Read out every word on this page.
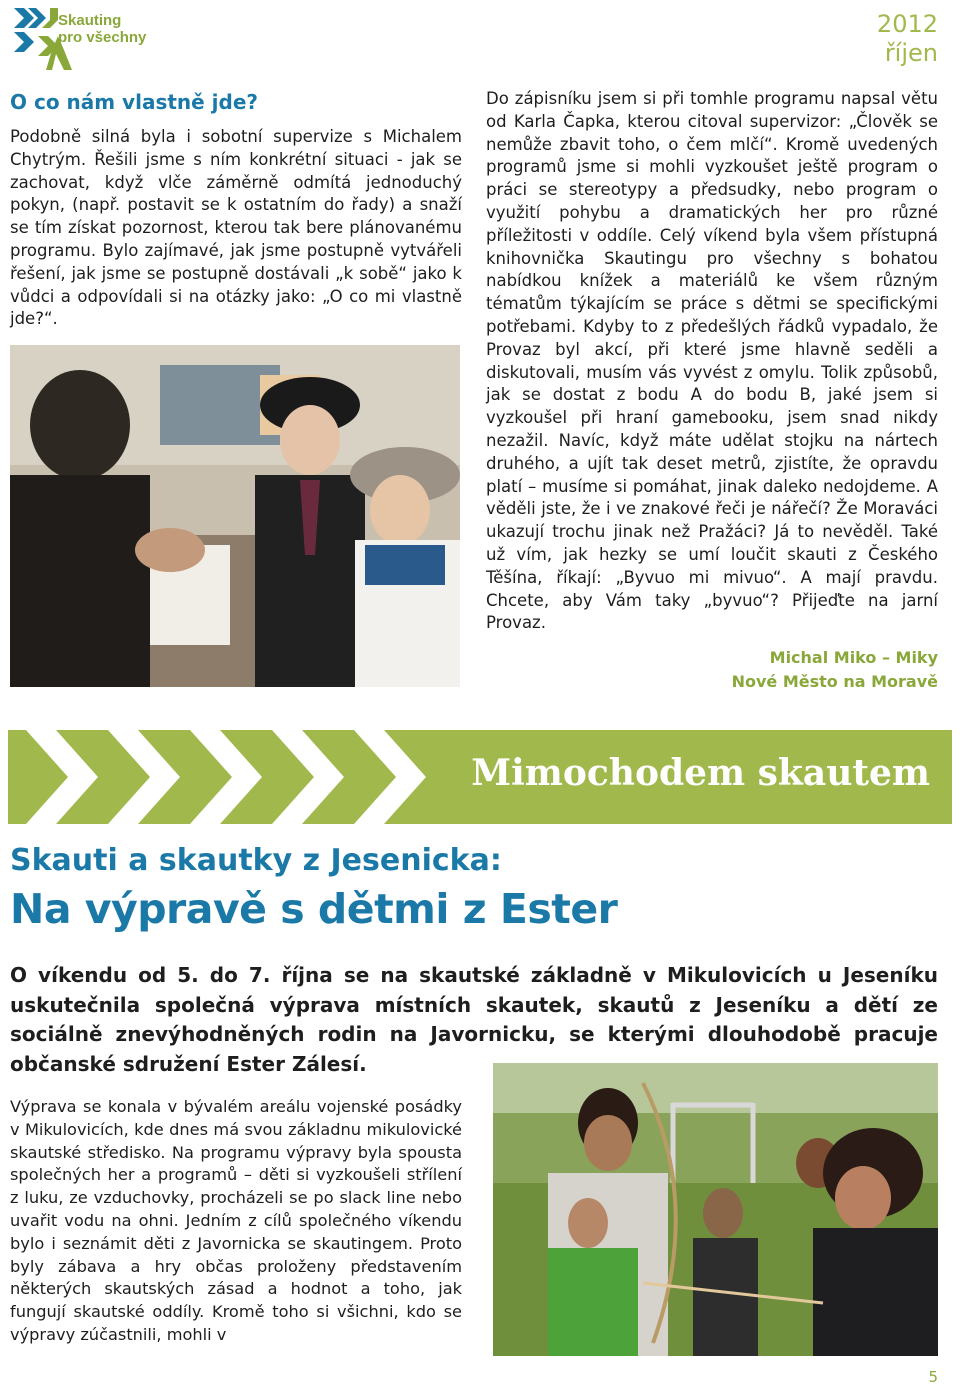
Skauting
pro všechny	2012
říjen
O co nám vlastně jde?

Podobně silná byla i sobotní supervize s Michalem Chytrým. Řešili jsme s ním konkrétní situaci - jak se zachovat, když vlče záměrně odmítá jednoduchý pokyn, (např. postavit se k ostatním do řady) a snaží se tím získat pozornost, kterou tak bere plánovanému programu. Bylo zajímavé, jak jsme postupně vytvářeli řešení, jak jsme se postupně dostávali „k sobě“ jako k vůdci a odpovídali si na otázky jako: „O co mi vlastně jde?“.

Do zápisníku jsem si při tomhle programu napsal větu od Karla Čapka, kterou citoval supervizor: „Člověk se nemůže zbavit toho, o čem mlčí“. Kromě uvedených programů jsme si mohli vyzkoušet ještě program o práci se stereotypy a předsudky, nebo program o využití pohybu a dramatických her pro různé příležitosti v oddíle. Celý víkend byla všem přístupná knihovnička Skautingu pro všechny s bohatou nabídkou knížek a materiálů ke všem různým tématům týkajícím se práce s dětmi se specifickými potřebami. Kdyby to z předešlých řádků vypadalo, že Provaz byl akcí, při které jsme hlavně seděli a diskutovali, musím vás vyvést z omylu. Tolik způsobů, jak se dostat z bodu A do bodu B, jaké jsem si vyzkoušel při hraní gamebooku, jsem snad nikdy nezažil. Navíc, když máte udělat stojku na nártech druhého, a ujít tak deset metrů, zjistíte, že opravdu platí – musíme si pomáhat, jinak daleko nedojdeme. A věděli jste, že i ve znakové řeči je nářečí? Že Moraváci ukazují trochu jinak než Pražáci? Já to nevěděl. Také už vím, jak hezky se umí loučit skauti z Českého Těšína, říkají: „Byvuo mi mivuo“. A mají pravdu. Chcete, aby Vám taky „byvuo“? Přijeďte na jarní Provaz.

Michal Miko – Miky
Nové Město na Moravě
Mimochodem skautem
Skauti a skautky z Jesenicka:
Na výpravě s dětmi z Ester

O víkendu od 5. do 7. října se na skautské základně v Mikulovicích u Jeseníku uskutečnila společná výprava místních skautek, skautů z Jeseníku a dětí ze sociálně znevýhodněných rodin na Javornicku, se kterými dlouhodobě pracuje občanské sdružení Ester Zálesí.

Výprava se konala v bývalém areálu vojenské posádky v Mikulovicích, kde dnes má svou základnu mikulovické skautské středisko. Na programu výpravy byla spousta společných her a programů – děti si vyzkoušeli střílení z luku, ze vzduchovky, procházeli se po slack line nebo uvařit vodu na ohni. Jedním z cílů společného víkendu bylo i seznámit děti z Javornicka se skautingem. Proto byly zábava a hry občas proloženy představením některých skautských zásad a hodnot a toho, jak fungují skautské oddíly. Kromě toho si všichni, kdo se výpravy zúčastnili, mohli v

5
